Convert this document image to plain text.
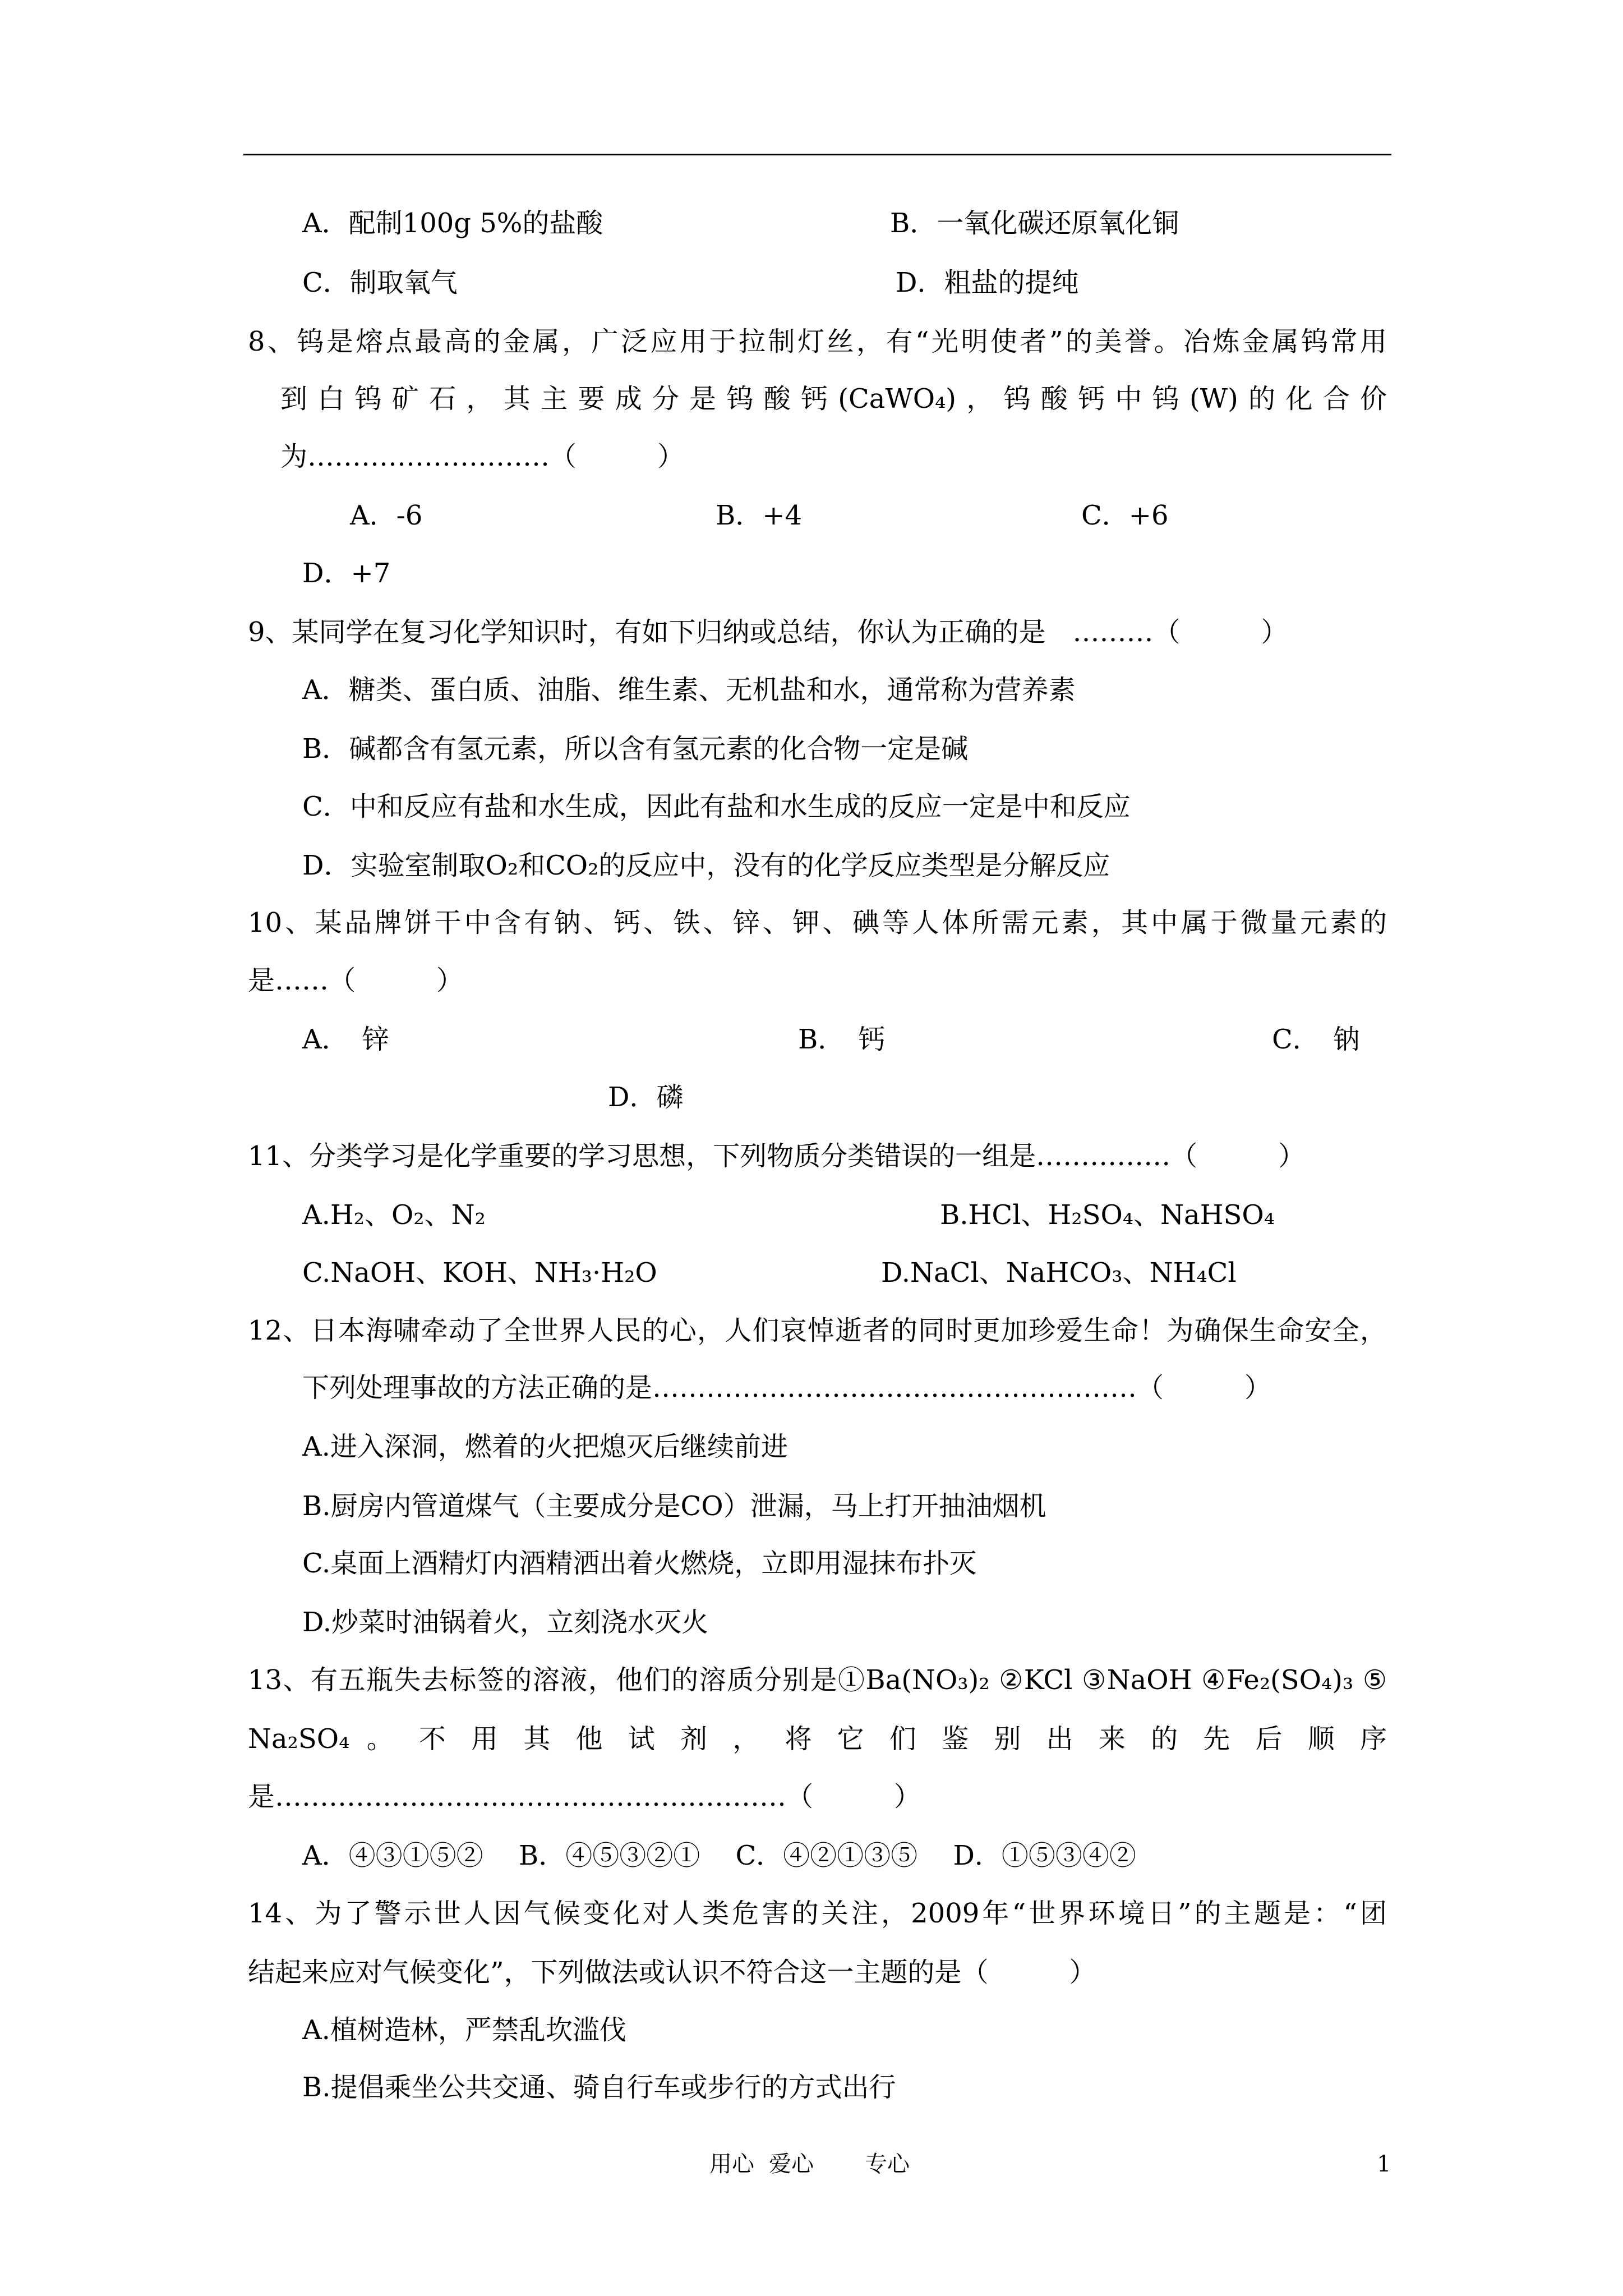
A．配制100g 5%的盐酸	B．一氧化碳还原氧化铜
C．制取氧气	D．粗盐的提纯
8、钨是熔点最高的金属，广泛应用于拉制灯丝，有“光明使者”的美誉。冶炼金属钨常用
到白钨矿石，其主要成分是钨酸钙(CaWO₄)，钨酸钙中钨(W)的化合价
为………………………（　　　）
A．-6	B．+4	C．+6
D．+7
9、某同学在复习化学知识时，有如下归纳或总结，你认为正确的是　………（　　　）
A．糖类、蛋白质、油脂、维生素、无机盐和水，通常称为营养素
B．碱都含有氢元素，所以含有氢元素的化合物一定是碱
C．中和反应有盐和水生成，因此有盐和水生成的反应一定是中和反应
D．实验室制取O₂和CO₂的反应中，没有的化学反应类型是分解反应
10、某品牌饼干中含有钠、钙、铁、锌、钾、碘等人体所需元素，其中属于微量元素的
是……（　　　）
A．　锌	B．　钙	C．　钠
D．磷
11、分类学习是化学重要的学习思想，下列物质分类错误的一组是……………（　　　）
A.H₂、O₂、N₂	B.HCl、H₂SO₄、NaHSO₄
C.NaOH、KOH、NH₃·H₂O	D.NaCl、NaHCO₃、NH₄Cl
12、日本海啸牵动了全世界人民的心，人们哀悼逝者的同时更加珍爱生命！为确保生命安全，
下列处理事故的方法正确的是………………………………………………（　　　）
A.进入深洞，燃着的火把熄灭后继续前进
B.厨房内管道煤气（主要成分是CO）泄漏，马上打开抽油烟机
C.桌面上酒精灯内酒精洒出着火燃烧，立即用湿抹布扑灭
D.炒菜时油锅着火，立刻浇水灭火
13、有五瓶失去标签的溶液，他们的溶质分别是①Ba(NO₃)₂ ②KCl ③NaOH ④Fe₂(SO₄)₃ ⑤
Na₂SO₄ 。 不 用 其 他 试 剂 ， 将 它 们 鉴 别 出 来 的 先 后 顺 序
是…………………………………………………（　　　）
A．④③①⑤②　 B．④⑤③②①　 C．④②①③⑤　 D．①⑤③④②
14、为了警示世人因气候变化对人类危害的关注，2009年“世界环境日”的主题是：“团
结起来应对气候变化”，下列做法或认识不符合这一主题的是（　　　）
A.植树造林，严禁乱坎滥伐
B.提倡乘坐公共交通、骑自行车或步行的方式出行
用心 爱心 专心	1
